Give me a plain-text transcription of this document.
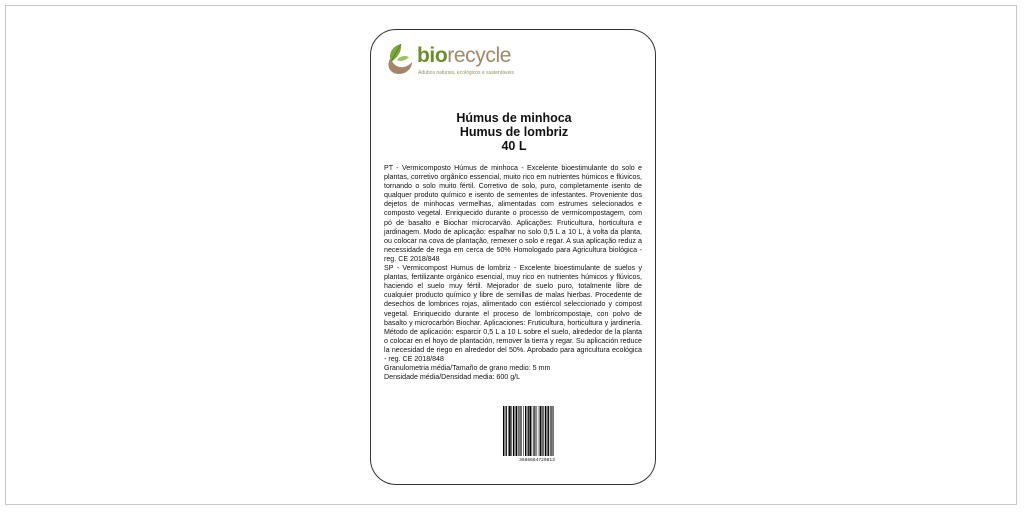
biorecycle
Adubos naturais, ecológicos e sustentáveis
Húmus de minhoca
Humus de lombriz
40 L

PT - Vermicomposto Húmus de minhoca - Excelente bioestimulante do solo e plantas, corretivo orgânico essencial, muito rico em nutrientes húmicos e flúvicos, tornando o solo muito fértil. Corretivo de solo, puro, completamente isento de qualquer produto químico e isento de sementes de infestantes. Proveniente dos dejetos de minhocas vermelhas, alimentadas com estrumes selecionados e composto vegetal. Enriquecido durante o processo de vermicompostagem, com pó de basalto e Biochar microcarvão. Aplicações: Fruticultura, horticultura e jardinagem. Modo de aplicação: espalhar no solo 0,5 L a 10 L, à volta da planta, ou colocar na cova de plantação, remexer o solo e regar. A sua aplicação reduz a necessidade de rega em cerca de 50% Homologado para Agricultura biológica - reg. CE 2018/848

SP - Vermicompost Humus de lombriz - Excelente bioestimulante de suelos y plantas, fertilizante orgánico esencial, muy rico en nutrientes húmicos y flúvicos, haciendo el suelo muy fértil. Mejorador de suelo puro, totalmente libre de cualquier producto químico y libre de semillas de malas hierbas. Procedente de desechos de lombrices rojas, alimentado con estiércol seleccionado y compost vegetal. Enriquecido durante el proceso de lombricompostaje, con polvo de basalto y microcarbón Biochar. Aplicaciones: Fruticultura, horticultura y jardinería. Método de aplicación: esparcir 0,5 L a 10 L sobre el suelo, alrededor de la planta o colocar en el hoyo de plantación, remover la tierra y regar. Su aplicación reduce la necesidad de riego en alrededor del 50%. Aprobado para agricultura ecológica - reg. CE 2018/848

Granulometria média/Tamaño de grano medio: 5 mm

Densidade média/Densidad media: 600 g/L

3666664729813
